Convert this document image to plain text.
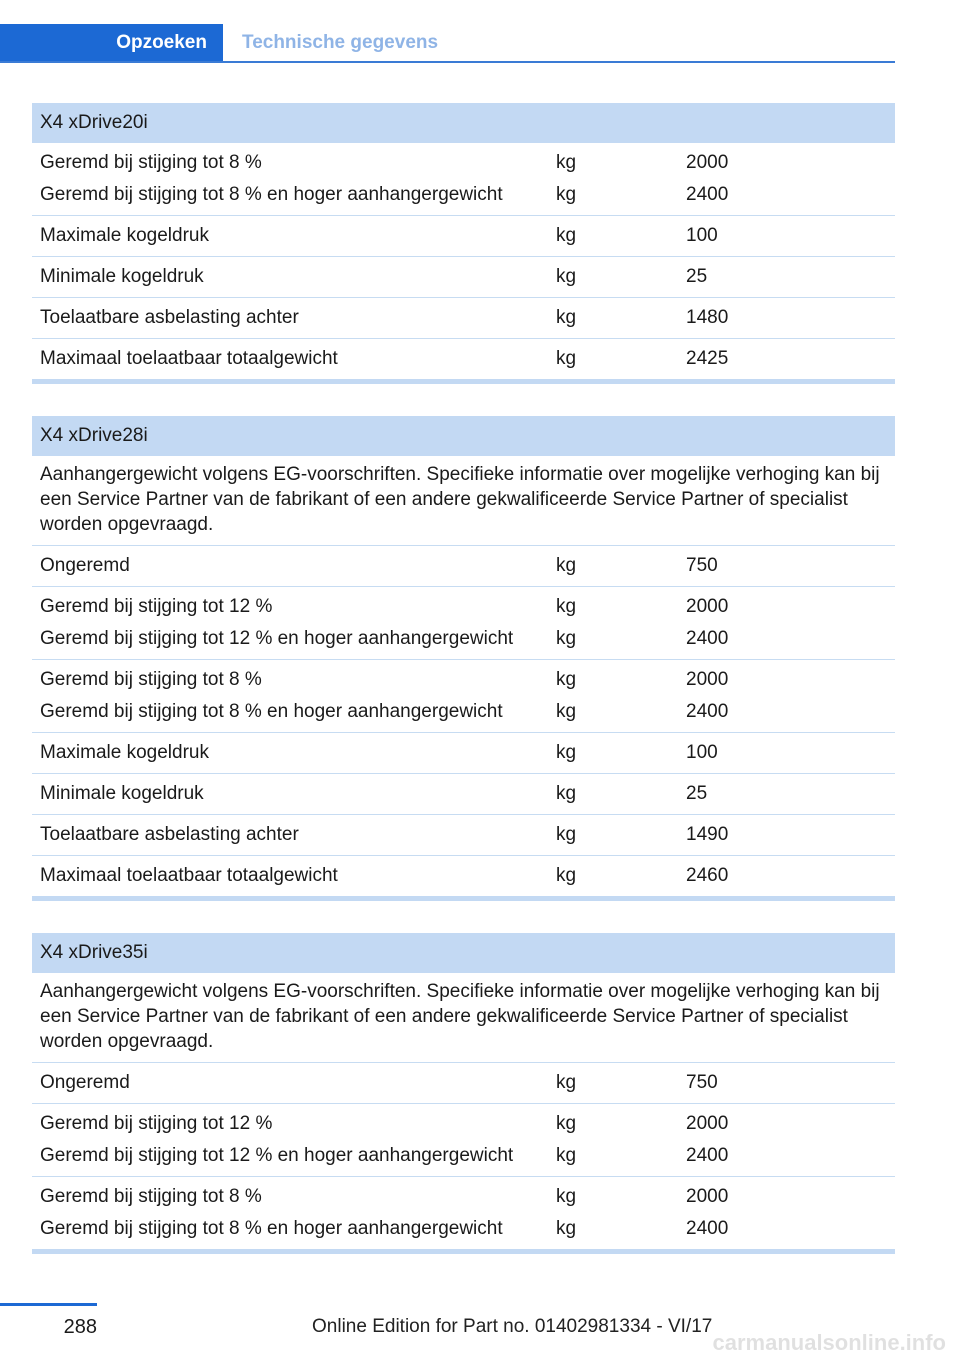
Opzoeken Technische gegevens
X4 xDrive20i
Geremd bij stijging tot 8 %	kg	2000
Geremd bij stijging tot 8 % en hoger aanhangergewicht	kg	2400
Maximale kogeldruk	kg	100
Minimale kogeldruk	kg	25
Toelaatbare asbelasting achter	kg	1480
Maximaal toelaatbaar totaalgewicht	kg	2425
X4 xDrive28i
Aanhangergewicht volgens EG-voorschriften. Specifieke informatie over mogelijke verhoging kan bij een Service Partner van de fabrikant of een andere gekwalificeerde Service Partner of specialist worden opgevraagd.
Ongeremd	kg	750
Geremd bij stijging tot 12 %	kg	2000
Geremd bij stijging tot 12 % en hoger aanhangergewicht	kg	2400
Geremd bij stijging tot 8 %	kg	2000
Geremd bij stijging tot 8 % en hoger aanhangergewicht	kg	2400
Maximale kogeldruk	kg	100
Minimale kogeldruk	kg	25
Toelaatbare asbelasting achter	kg	1490
Maximaal toelaatbaar totaalgewicht	kg	2460
X4 xDrive35i
Aanhangergewicht volgens EG-voorschriften. Specifieke informatie over mogelijke verhoging kan bij een Service Partner van de fabrikant of een andere gekwalificeerde Service Partner of specialist worden opgevraagd.
Ongeremd	kg	750
Geremd bij stijging tot 12 %	kg	2000
Geremd bij stijging tot 12 % en hoger aanhangergewicht	kg	2400
Geremd bij stijging tot 8 %	kg	2000
Geremd bij stijging tot 8 % en hoger aanhangergewicht	kg	2400
288	Online Edition for Part no. 01402981334 - VI/17
carmanualsonline.info
